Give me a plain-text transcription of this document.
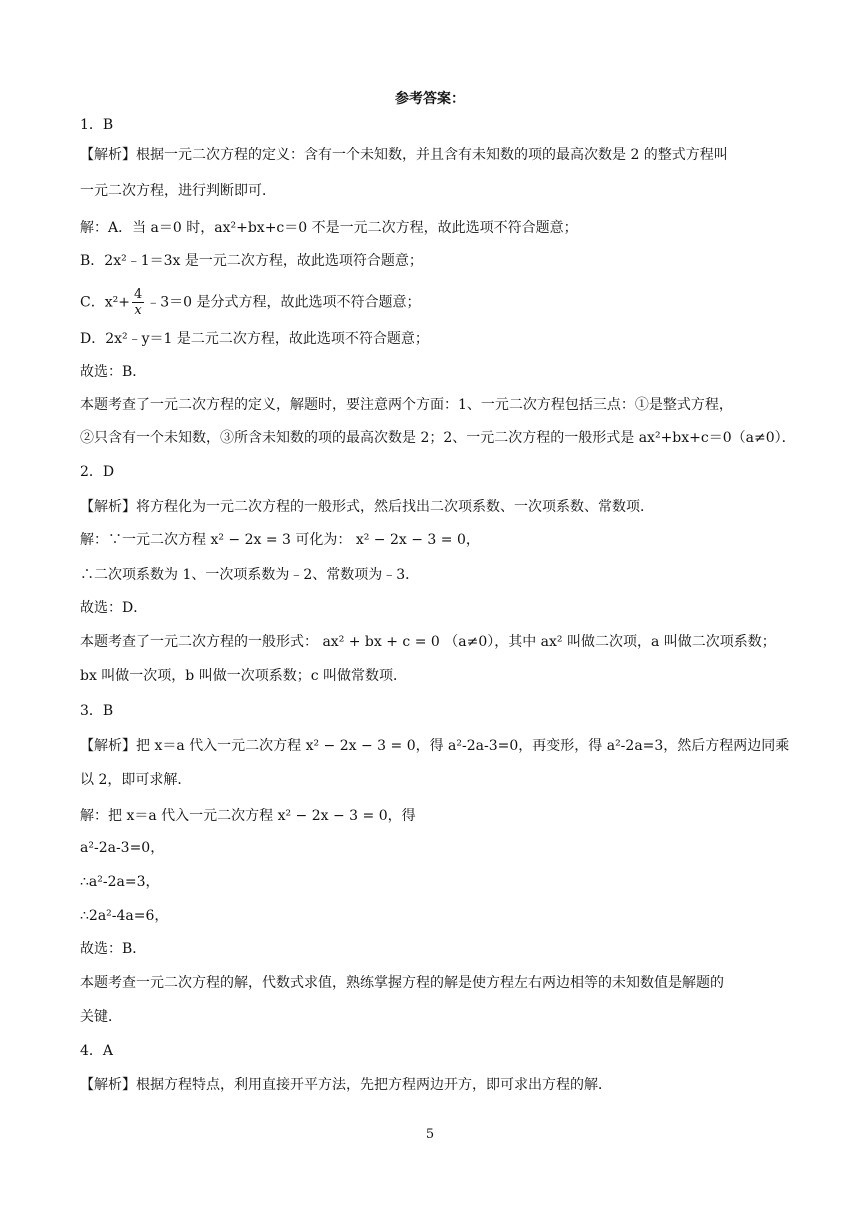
参考答案：

1．B

【解析】根据一元二次方程的定义：含有一个未知数，并且含有未知数的项的最高次数是 2 的整式方程叫

一元二次方程，进行判断即可．

解：A．当 a＝0 时，ax²+bx+c＝0 不是一元二次方程，故此选项不符合题意；

B．2x²﹣1＝3x 是一元二次方程，故此选项符合题意；

C．$x^2+ \frac{4}{x}$ ﹣3＝0 是分式方程，故此选项不符合题意；

D．2x²﹣y＝1 是二元二次方程，故此选项不符合题意；

故选：B．

本题考查了一元二次方程的定义，解题时，要注意两个方面：1、一元二次方程包括三点：①是整式方程，

②只含有一个未知数，③所含未知数的项的最高次数是 2；2、一元二次方程的一般形式是 ax²+bx+c＝0（a≠0）．

2．D

【解析】将方程化为一元二次方程的一般形式，然后找出二次项系数、一次项系数、常数项．

解：∵一元二次方程 x² − 2x = 3 可化为： x² − 2x − 3 = 0，

∴二次项系数为 1、一次项系数为﹣2、常数项为﹣3．

故选：D．

本题考查了一元二次方程的一般形式： ax² + bx + c = 0 （a≠0），其中 ax² 叫做二次项，a 叫做二次项系数；

bx 叫做一次项，b 叫做一次项系数；c 叫做常数项．

3．B

【解析】把 x＝a 代入一元二次方程 x² − 2x − 3 = 0，得 a²-2a-3=0，再变形，得 a²-2a=3，然后方程两边同乘

以 2，即可求解．

解：把 x＝a 代入一元二次方程 x² − 2x − 3 = 0，得

a²-2a-3=0，

∴a²-2a=3，

∴2a²-4a=6，

故选：B．

本题考查一元二次方程的解，代数式求值，熟练掌握方程的解是使方程左右两边相等的未知数值是解题的

关键．

4．A

【解析】根据方程特点，利用直接开平方法，先把方程两边开方，即可求出方程的解．

5
